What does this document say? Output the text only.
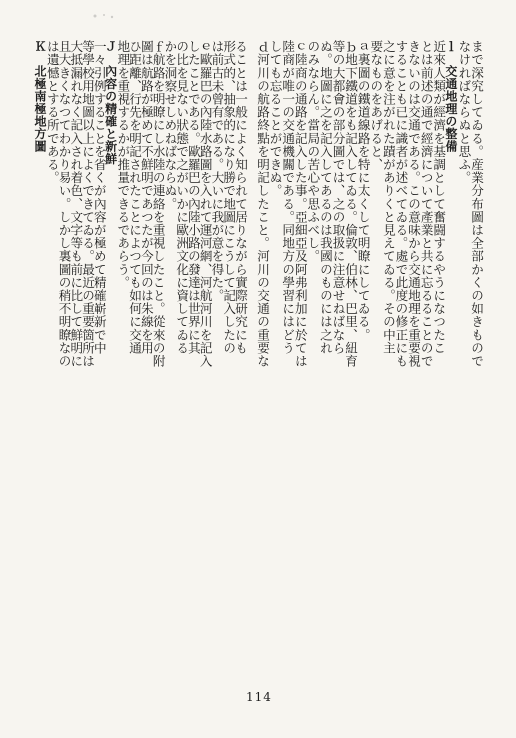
まで深究してゐる。産業分布圖は全部かくの如きもので
なければならぬと思ふ。
ｌ　交通地理の整備
近來人類が經濟を基調として奮闘するやうになつたこ
とは前述の通で經濟について產業と共に忘るることので
きないのは交通である。この意味から交通地理を重要視
することも已に識者が述べてゐる。處で此度の修正にも
之に意を注がれた蹟がありくと見えてゐる。その中主
要なものをあげると、
ａ裏圖の鐵道線路を特に太くして明瞭にしてゐる。
ｂ地下鐵道をも記入してゐる。倫敦、伯林、巴里、紐育
等の大都會の部分圖では、之の取扱に注意せねばなら
ぬ。地圖に之を記入してあるのは我國のものには之れ
のみならん。當局の苦心や思ふべし。
ｃ陸商の通路を記入した事。亞細亞及阿弗利加に於ては
陸商が唯一の交通機關である。同地方の學習にはどう
しても忘ることができぬ。
ｄ河川の航路終點を明記したこと。河川の交通の重要な
ることは一般によく知られて居りながら實際研究にも
形式的、抽象的になり勝で地圖にこうして記入したの
は前古未曾有である。大いに我が意を得た。
ｅ歐羅巴の內陸水路圖を入れて運河網、河航河川を記入
したことである。歐羅巴の內陸小路の發達は世界に其
の比を見ない狀態で之がいかに歐洲文化に資してゐる
かを洞察せしめねばならぬ。
ｆ航路を明瞭にし水陸の連絡を重視したこと。從來の附
圖は航路が極めて不鮮明であつたが今回のは朱線を用
ひ距離、行先を明記されたことによつても如何に交通
地理を重視するかが推量できるであらう。
Ｊ　內容の精確と新鮮
一々引例することを省くが內容が極めて精確嶄新で中
等學校用地圖以上によくできてゐる。最近の重要箇所は
大抵漏れなく記入され着色、文字等も前に比して鮮明に
且大きくなつてわかり易い。しかし裏圖の稍不明瞭なの
は遺憾とする所である。
Ｋ　北極南極地方圖
114
